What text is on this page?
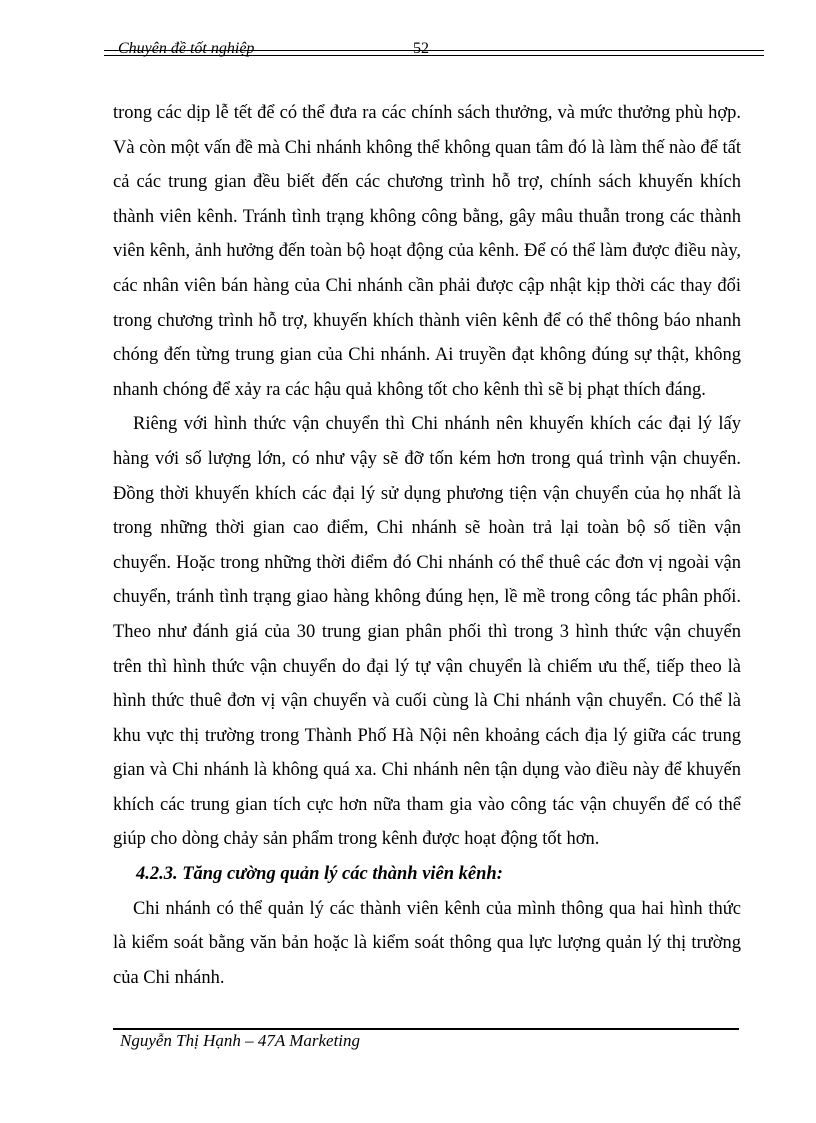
Chuyên đề tốt nghiệp	52

trong các dịp lễ tết để có thể đưa ra các chính sách thưởng, và mức thưởng phù hợp. Và còn một vấn đề mà Chi nhánh không thể không quan tâm đó là làm thế nào để tất cả các trung gian đều biết đến các chương trình hỗ trợ, chính sách khuyến khích thành viên kênh. Tránh tình trạng không công bằng, gây mâu thuẫn trong các thành viên kênh, ảnh hưởng đến toàn bộ hoạt động của kênh. Để có thể làm được điều này, các nhân viên bán hàng của Chi nhánh cần phải được cập nhật kịp thời các thay đổi trong chương trình hỗ trợ, khuyến khích thành viên kênh để có thể thông báo nhanh chóng đến từng trung gian của Chi nhánh. Ai truyền đạt không đúng sự thật, không nhanh chóng để xảy ra các hậu quả không tốt cho kênh thì sẽ bị phạt thích đáng.

Riêng với hình thức vận chuyển thì Chi nhánh nên khuyến khích các đại lý lấy hàng với số lượng lớn, có như vậy sẽ đỡ tốn kém hơn trong quá trình vận chuyển. Đồng thời khuyến khích các đại lý sử dụng phương tiện vận chuyển của họ nhất là trong những thời gian cao điểm, Chi nhánh sẽ hoàn trả lại toàn bộ số tiền vận chuyển. Hoặc trong những thời điểm đó Chi nhánh có thể thuê các đơn vị ngoài vận chuyển, tránh tình trạng giao hàng không đúng hẹn, lề mề trong công tác phân phối. Theo như đánh giá của 30 trung gian phân phối thì trong 3 hình thức vận chuyển trên thì hình thức vận chuyển do đại lý tự vận chuyển là chiếm ưu thế, tiếp theo là hình thức thuê đơn vị vận chuyển và cuối cùng là Chi nhánh vận chuyển. Có thể là khu vực thị trường trong Thành Phố Hà Nội nên khoảng cách địa lý giữa các trung gian và Chi nhánh là không quá xa. Chi nhánh nên tận dụng vào điều này để khuyến khích các trung gian tích cực hơn nữa tham gia vào công tác vận chuyển để có thể giúp cho dòng chảy sản phẩm trong kênh được hoạt động tốt hơn.

4.2.3. Tăng cường quản lý các thành viên kênh:

Chi nhánh có thể quản lý các thành viên kênh của mình thông qua hai hình thức là kiểm soát bằng văn bản hoặc là kiểm soát thông qua lực lượng quản lý thị trường của Chi nhánh.

Nguyễn Thị Hạnh – 47A Marketing
